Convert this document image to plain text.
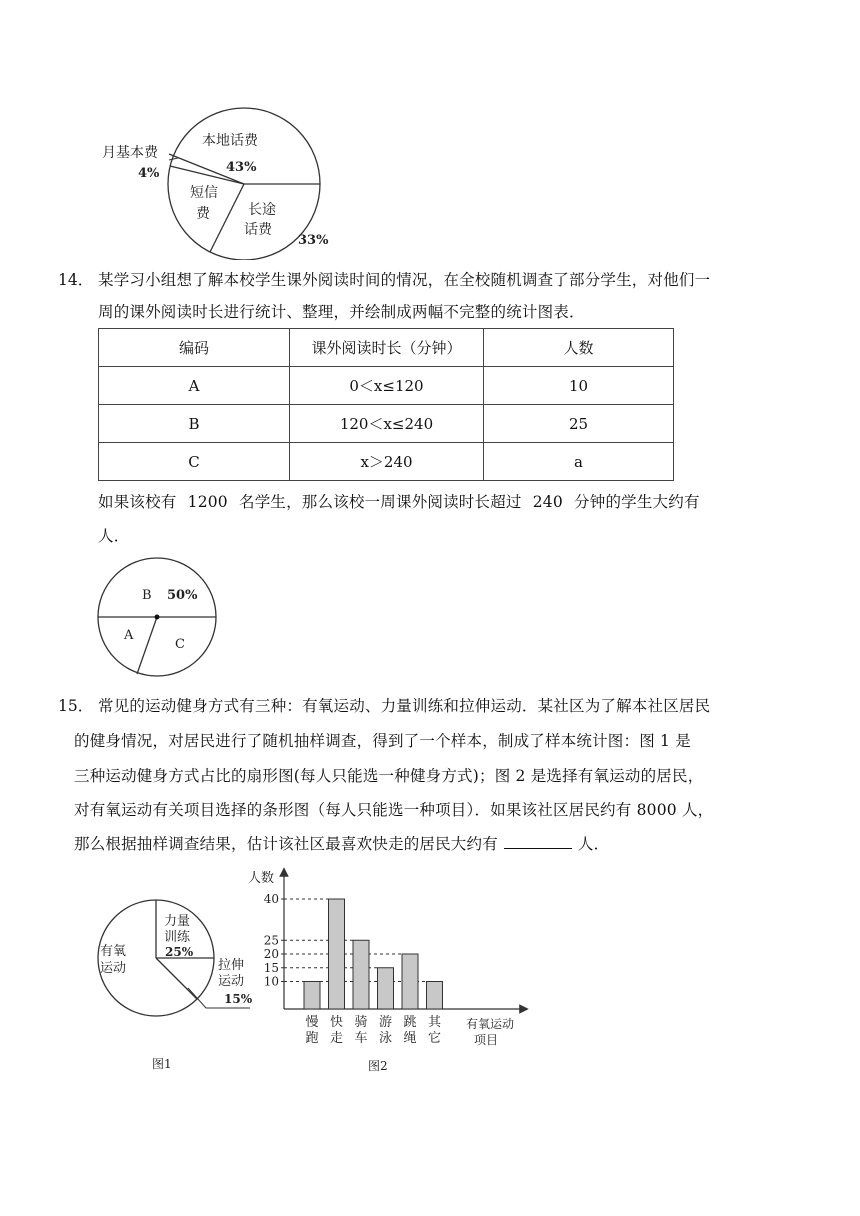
本地话费
43%
月基本费
4%
短信
费	长途
话费
33%
14． 某学习小组想了解本校学生课外阅读时间的情况，在全校随机调查了部分学生，对他们一
周的课外阅读时长进行统计、整理，并绘制成两幅不完整的统计图表．
编码	课外阅读时长（分钟）	人数
A	0＜x≤120	10
B	120＜x≤240	25
C	x＞240	a
如果该校有 1200 名学生，那么该校一周课外阅读时长超过 240 分钟的学生大约有
人．
B 50%
A
C
15． 常见的运动健身方式有三种：有氧运动、力量训练和拉伸运动．某社区为了解本社区居民
的健身情况，对居民进行了随机抽样调查，得到了一个样本，制成了样本统计图：图 1 是
三种运动健身方式占比的扇形图(每人只能选一种健身方式)；图 2 是选择有氧运动的居民，
对有氧运动有关项目选择的条形图（每人只能选一种项目）．如果该社区居民约有 8000 人，
那么根据抽样调查结果，估计该社区最喜欢快走的居民大约有	人．
有氧
运动
力量
训练
25%
拉伸
运动
15%
图1
人数
有氧运动
项目
10
15
20
25
40
慢
跑
快
走
骑
车
游
泳
跳
绳
其
它
图2
